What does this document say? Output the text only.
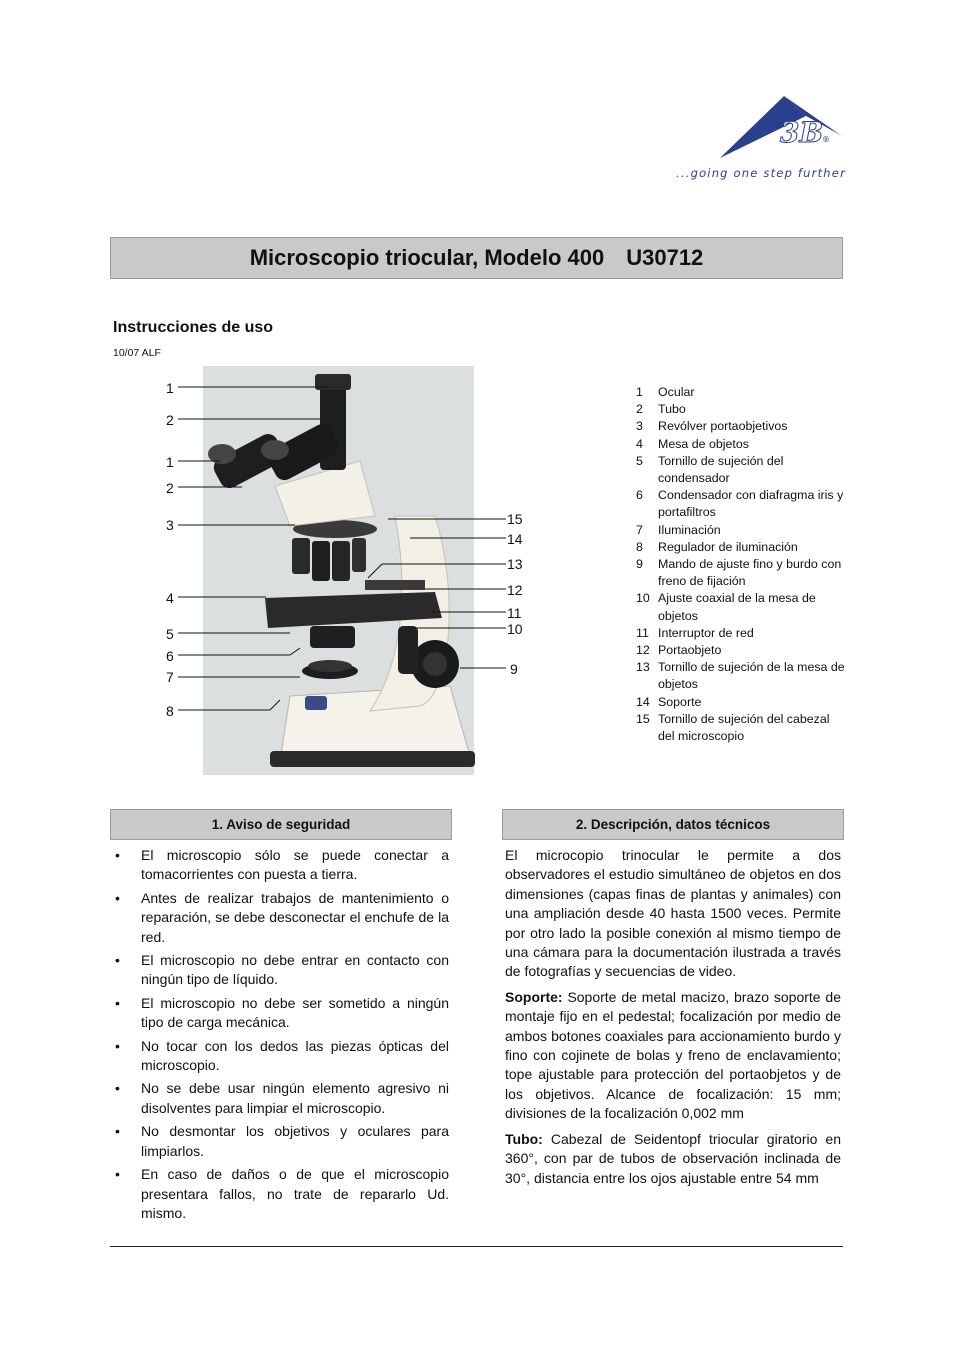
3B
®
...going one step further
Microscopio triocular, Modelo 400 U30712
Instrucciones de uso
10/07 ALF
1
2
1
2
3
4
5
6
7
8
15
14
13
12
11
10
9
1	Ocular
2	Tubo
3	Revólver portaobjetivos
4	Mesa de objetos
5	Tornillo de sujeción del condensador
6	Condensador con diafragma iris y portafiltros
7	Iluminación
8	Regulador de iluminación
9	Mando de ajuste fino y burdo con freno de fijación
10 Ajuste coaxial de la mesa de objetos
11 Interruptor de red
12 Portaobjeto
13 Tornillo de sujeción de la mesa de objetos
14 Soporte
15 Tornillo de sujeción del cabezal del microscopio
1. Aviso de seguridad
•	El microscopio sólo se puede conectar a tomacorrientes con puesta a tierra.
•	Antes de realizar trabajos de mantenimiento o reparación, se debe desconectar el enchufe de la red.
•	El microscopio no debe entrar en contacto con ningún tipo de líquido.
•	El microscopio no debe ser sometido a ningún tipo de carga mecánica.
•	No tocar con los dedos las piezas ópticas del microscopio.
•	No se debe usar ningún elemento agresivo ni disolventes para limpiar el microscopio.
•	No desmontar los objetivos y oculares para limpiarlos.
•	En caso de daños o de que el microscopio presentara fallos, no trate de repararlo Ud. mismo.
2. Descripción, datos técnicos

El microcopio trinocular le permite a dos observadores el estudio simultáneo de objetos en dos dimensiones (capas finas de plantas y animales) con una ampliación desde 40 hasta 1500 veces. Permite por otro lado la posible conexión al mismo tiempo de una cámara para la documentación ilustrada a través de fotografías y secuencias de video.

Soporte: Soporte de metal macizo, brazo soporte de montaje fijo en el pedestal; focalización por medio de ambos botones coaxiales para accionamiento burdo y fino con cojinete de bolas y freno de enclavamiento; tope ajustable para protección del portaobjetos y de los objetivos. Alcance de focalización: 15 mm; divisiones de la focalización 0,002 mm

Tubo: Cabezal de Seidentopf triocular giratorio en 360°, con par de tubos de observación inclinada de 30°, distancia entre los ojos ajustable entre 54 mm
